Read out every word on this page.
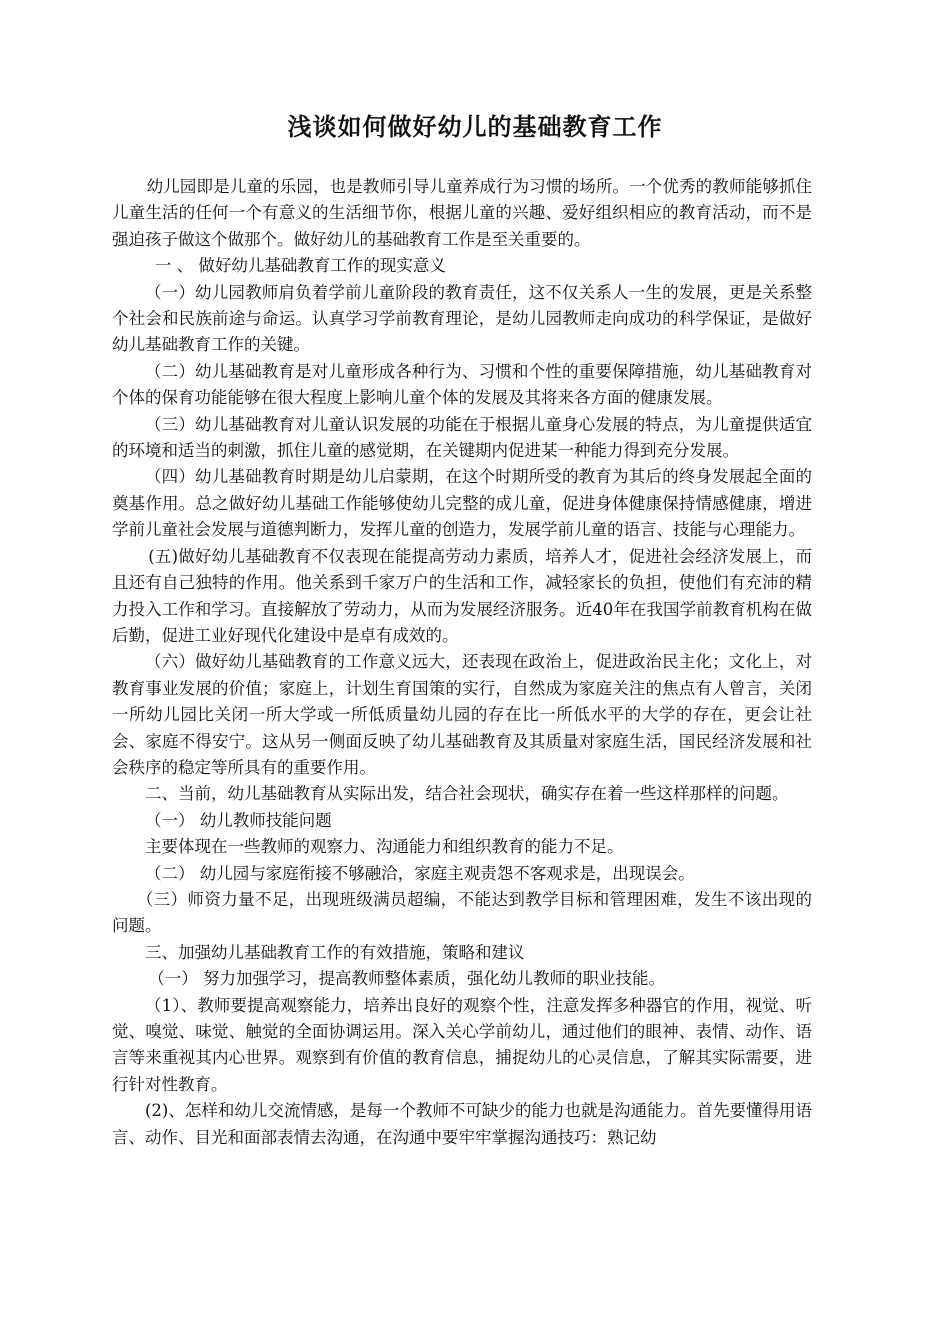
浅谈如何做好幼儿的基础教育工作

幼儿园即是儿童的乐园，也是教师引导儿童养成行为习惯的场所。一个优秀的教师能够抓住儿童生活的任何一个有意义的生活细节你，根据儿童的兴趣、爱好组织相应的教育活动，而不是强迫孩子做这个做那个。做好幼儿的基础教育工作是至关重要的。

一 、 做好幼儿基础教育工作的现实意义

（一）幼儿园教师肩负着学前儿童阶段的教育责任，这不仅关系人一生的发展，更是关系整个社会和民族前途与命运。认真学习学前教育理论，是幼儿园教师走向成功的科学保证，是做好幼儿基础教育工作的关键。

（二）幼儿基础教育是对儿童形成各种行为、习惯和个性的重要保障措施，幼儿基础教育对个体的保育功能能够在很大程度上影响儿童个体的发展及其将来各方面的健康发展。

（三）幼儿基础教育对儿童认识发展的功能在于根据儿童身心发展的特点，为儿童提供适宜的环境和适当的刺激，抓住儿童的感觉期，在关键期内促进某一种能力得到充分发展。

（四）幼儿基础教育时期是幼儿启蒙期，在这个时期所受的教育为其后的终身发展起全面的奠基作用。总之做好幼儿基础工作能够使幼儿完整的成儿童，促进身体健康保持情感健康，增进学前儿童社会发展与道德判断力，发挥儿童的创造力，发展学前儿童的语言、技能与心理能力。

(五)做好幼儿基础教育不仅表现在能提高劳动力素质，培养人才，促进社会经济发展上，而且还有自己独特的作用。他关系到千家万户的生活和工作，减轻家长的负担，使他们有充沛的精力投入工作和学习。直接解放了劳动力，从而为发展经济服务。近40年在我国学前教育机构在做后勤，促进工业好现代化建设中是卓有成效的。

（六）做好幼儿基础教育的工作意义远大，还表现在政治上，促进政治民主化；文化上，对教育事业发展的价值；家庭上，计划生育国策的实行，自然成为家庭关注的焦点有人曾言，关闭一所幼儿园比关闭一所大学或一所低质量幼儿园的存在比一所低水平的大学的存在，更会让社会、家庭不得安宁。这从另一侧面反映了幼儿基础教育及其质量对家庭生活，国民经济发展和社会秩序的稳定等所具有的重要作用。

二、当前，幼儿基础教育从实际出发，结合社会现状，确实存在着一些这样那样的问题。

（一） 幼儿教师技能问题

主要体现在一些教师的观察力、沟通能力和组织教育的能力不足。

（二） 幼儿园与家庭衔接不够融洽，家庭主观责怨不客观求是，出现误会。

（三）师资力量不足，出现班级满员超编，不能达到教学目标和管理困难，发生不该出现的问题。

三、加强幼儿基础教育工作的有效措施，策略和建议

（一） 努力加强学习，提高教师整体素质，强化幼儿教师的职业技能。

（1）、教师要提高观察能力，培养出良好的观察个性，注意发挥多种器官的作用，视觉、听觉、嗅觉、味觉、触觉的全面协调运用。深入关心学前幼儿，通过他们的眼神、表情、动作、语言等来重视其内心世界。观察到有价值的教育信息，捕捉幼儿的心灵信息，了解其实际需要，进行针对性教育。

(2)、怎样和幼儿交流情感，是每一个教师不可缺少的能力也就是沟通能力。首先要懂得用语言、动作、目光和面部表情去沟通，在沟通中要牢牢掌握沟通技巧：熟记幼
